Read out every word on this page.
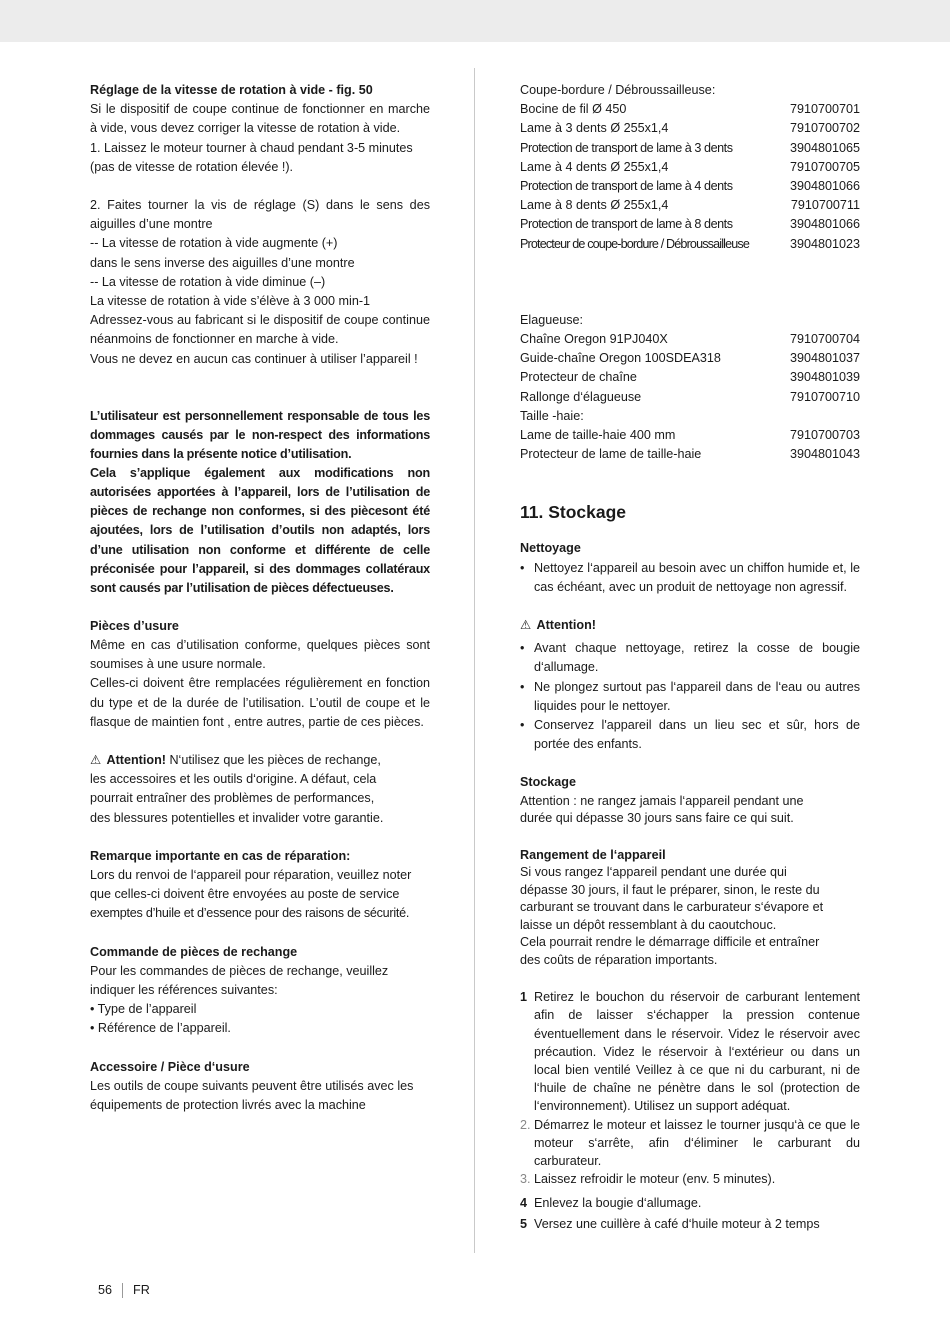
Réglage de la vitesse de rotation à vide - fig. 50

Si le dispositif de coupe continue de fonctionner en marche à vide, vous devez corriger la vitesse de rotation à vide.

1. Laissez le moteur tourner à chaud pendant 3-5 minutes

(pas de vitesse de rotation élevée !).

2. Faites tourner la vis de réglage (S) dans le sens des aiguilles d’une montre

-- La vitesse de rotation à vide augmente (+)

dans le sens inverse des aiguilles d’une montre

-- La vitesse de rotation à vide diminue (–)

La vitesse de rotation à vide s’élève à 3 000 min-1

Adressez-vous au fabricant si le dispositif de coupe continue néanmoins de fonctionner en marche à vide.

Vous ne devez en aucun cas continuer à utiliser l’appareil !

L’utilisateur est personnellement responsable de tous les dommages causés par le non-respect des informations fournies dans la présente notice d’utilisation.

Cela s’applique également aux modifications non autorisées apportées à l’appareil, lors de l’utilisation de pièces de rechange non conformes, si des piècesont été ajoutées, lors de l’utilisation d’outils non adaptés, lors d’une utilisation non conforme et différente de celle préconisée pour l’appareil, si des dommages collatéraux sont causés par l’utilisation de pièces défectueuses.

Pièces d’usure

Même en cas d’utilisation conforme, quelques pièces sont soumises à une usure normale.

Celles-ci doivent être remplacées régulièrement en fonction du type et de la durée de l’utilisation. L’outil de coupe et le flasque de maintien font , entre autres, partie de ces pièces.

⚠ Attention! N‘utilisez que les pièces de rechange,

les accessoires et les outils d‘origine. A défaut, cela

pourrait entraîner des problèmes de performances,

des blessures potentielles et invalider votre garantie.

Remarque importante en cas de réparation:

Lors du renvoi de l‘appareil pour réparation, veuillez noter

que celles-ci doivent être envoyées au poste de service

exemptes d’huile et d’essence pour des raisons de sécurité.

Commande de pièces de rechange

Pour les commandes de pièces de rechange, veuillez

indiquer les références suivantes:

• Type de l’appareil

• Référence de l’appareil.

Accessoire / Pièce d‘usure

Les outils de coupe suivants peuvent être utilisés avec les

équipements de protection livrés avec la machine

Coupe-bordure / Débroussailleuse:

Bocine de fil Ø 450	7910700701
Lame à 3 dents Ø 255x1,4	7910700702
Protection de transport de lame à 3 dents	3904801065
Lame à 4 dents Ø 255x1,4	7910700705
Protection de transport de lame à 4 dents	3904801066
Lame à 8 dents Ø 255x1,4	7910700711
Protection de transport de lame à 8 dents	3904801066
Protecteur de coupe-bordure / Débroussailleuse	3904801023

Elagueuse:

Chaîne Oregon 91PJ040X	7910700704
Guide-chaîne Oregon 100SDEA318	3904801037
Protecteur de chaîne	3904801039
Rallonge d‘élagueuse	7910700710

Taille -haie:

Lame de taille-haie 400 mm	7910700703
Protecteur de lame de taille-haie	3904801043

11. Stockage

Nettoyage

• Nettoyez l‘appareil au besoin avec un chiffon humide et, le cas échéant, avec un produit de nettoyage non agressif.

⚠ Attention!

• Avant chaque nettoyage, retirez la cosse de bougie d‘allumage.
• Ne plongez surtout pas l‘appareil dans de l‘eau ou autres liquides pour le nettoyer.
• Conservez l'appareil dans un lieu sec et sûr, hors de portée des enfants.

Stockage

Attention : ne rangez jamais l‘appareil pendant une

durée qui dépasse 30 jours sans faire ce qui suit.

Rangement de l‘appareil

Si vous rangez l‘appareil pendant une durée qui

dépasse 30 jours, il faut le préparer, sinon, le reste du

carburant se trouvant dans le carburateur s‘évapore et

laisse un dépôt ressemblant à du caoutchouc.

Cela pourrait rendre le démarrage difficile et entraîner

des coûts de réparation importants.

1 Retirez le bouchon du réservoir de carburant lentement afin de laisser s‘échapper la pression contenue éventuellement dans le réservoir. Videz le réservoir avec précaution. Videz le réservoir à l‘extérieur ou dans un local bien ventilé Veillez à ce que ni du carburant, ni de l‘huile de chaîne ne pénètre dans le sol (protection de l‘environnement). Utilisez un support adéquat.
2. Démarrez le moteur et laissez le tourner jusqu‘à ce que le moteur s‘arrête, afin d‘éliminer le carburant du carburateur.
3. Laissez refroidir le moteur (env. 5 minutes).
4 Enlevez la bougie d‘allumage.
5 Versez une cuillère à café d‘huile moteur à 2 temps
56 FR
